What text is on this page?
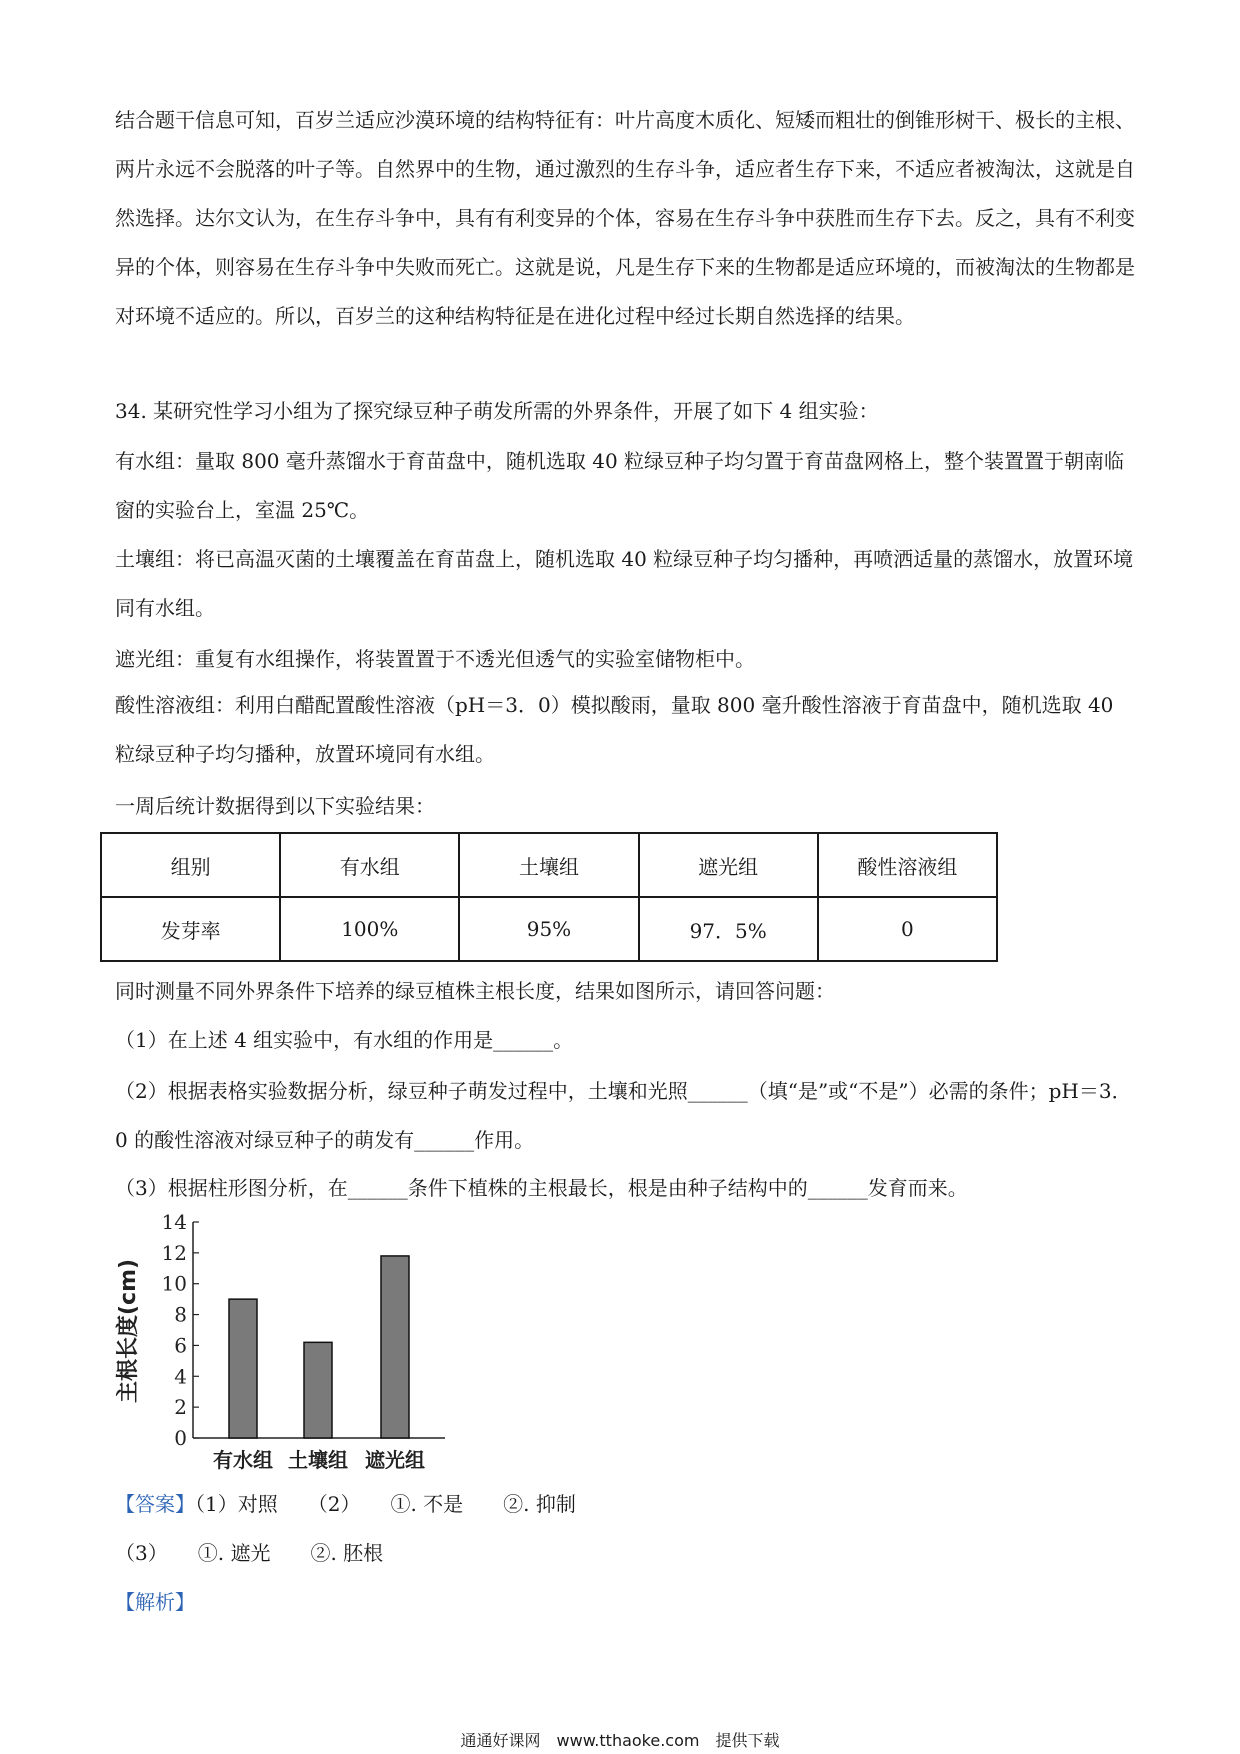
结合题干信息可知，百岁兰适应沙漠环境的结构特征有：叶片高度木质化、短矮而粗壮的倒锥形树干、极长的主根、两片永远不会脱落的叶子等。自然界中的生物，通过激烈的生存斗争，适应者生存下来，不适应者被淘汰，这就是自然选择。达尔文认为，在生存斗争中，具有有利变异的个体，容易在生存斗争中获胜而生存下去。反之，具有不利变异的个体，则容易在生存斗争中失败而死亡。这就是说，凡是生存下来的生物都是适应环境的，而被淘汰的生物都是对环境不适应的。所以，百岁兰的这种结构特征是在进化过程中经过长期自然选择的结果。

34. 某研究性学习小组为了探究绿豆种子萌发所需的外界条件，开展了如下 4 组实验：

有水组：量取 800 毫升蒸馏水于育苗盘中，随机选取 40 粒绿豆种子均匀置于育苗盘网格上，整个装置置于朝南临窗的实验台上，室温 25℃。

土壤组：将已高温灭菌的土壤覆盖在育苗盘上，随机选取 40 粒绿豆种子均匀播种，再喷洒适量的蒸馏水，放置环境同有水组。

遮光组：重复有水组操作，将装置置于不透光但透气的实验室储物柜中。

酸性溶液组：利用白醋配置酸性溶液（pH＝3．0）模拟酸雨，量取 800 毫升酸性溶液于育苗盘中，随机选取 40 粒绿豆种子均匀播种，放置环境同有水组。

一周后统计数据得到以下实验结果：

组别	有水组	土壤组	遮光组	酸性溶液组
发芽率	100%	95%	97．5%	0

同时测量不同外界条件下培养的绿豆植株主根长度，结果如图所示，请回答问题：

（1）在上述 4 组实验中，有水组的作用是______。

（2）根据表格实验数据分析，绿豆种子萌发过程中，土壤和光照______（填“是”或“不是”）必需的条件；pH＝3．0 的酸性溶液对绿豆种子的萌发有______作用。

（3）根据柱形图分析，在______条件下植株的主根最长，根是由种子结构中的______发育而来。

主根长度(cm)
0
2
4
6
8
10
12
14
有水组 土壤组 遮光组

【答案】（1）对照　　（2）　　①. 不是　　②. 抑制

（3）　　①. 遮光　　②. 胚根

【解析】

通通好课网　www.tthaoke.com　提供下载
